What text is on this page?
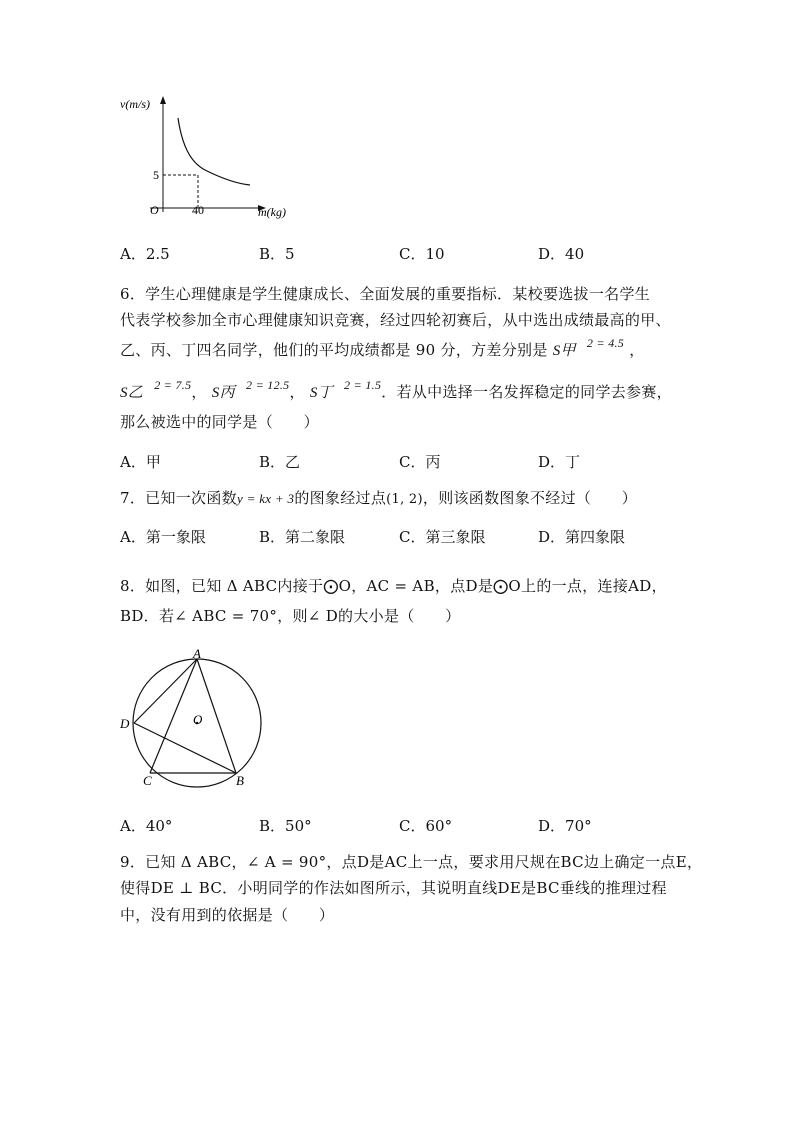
v(m/s)
m(kg)
O
5
40
A．2.5	B．5	C．10	D．40
6．学生心理健康是学生健康成长、全面发展的重要指标．某校要选拔一名学生
代表学校参加全市心理健康知识竞赛，经过四轮初赛后，从中选出成绩最高的甲、
乙、丙、丁四名同学，他们的平均成绩都是 90 分，方差分别是 S甲 $^{2 = 4.5}$ ，
S乙 $^{2 = 7.5}$， S丙 $^{2 = 12.5}$， S丁 $^{2 = 1.5}$．若从中选择一名发挥稳定的同学去参赛，
那么被选中的同学是（　　）
A．甲	B．乙	C．丙	D．丁
7．已知一次函数y = kx + 3的图象经过点(1, 2)，则该函数图象不经过（　　）
A．第一象限	B．第二象限	C．第三象限	D．第四象限
8．如图，已知 Δ ABC内接于⨀O，AC = AB，点D是⨀O上的一点，连接AD，
BD．若∠ ABC = 70°，则∠ D的大小是（　　）
A
B
C
D	O
A．40°	B．50°	C．60°	D．70°
9．已知 Δ ABC，∠ A = 90°，点D是AC上一点，要求用尺规在BC边上确定一点E，
使得DE ⊥ BC．小明同学的作法如图所示，其说明直线DE是BC垂线的推理过程
中，没有用到的依据是（　　）
